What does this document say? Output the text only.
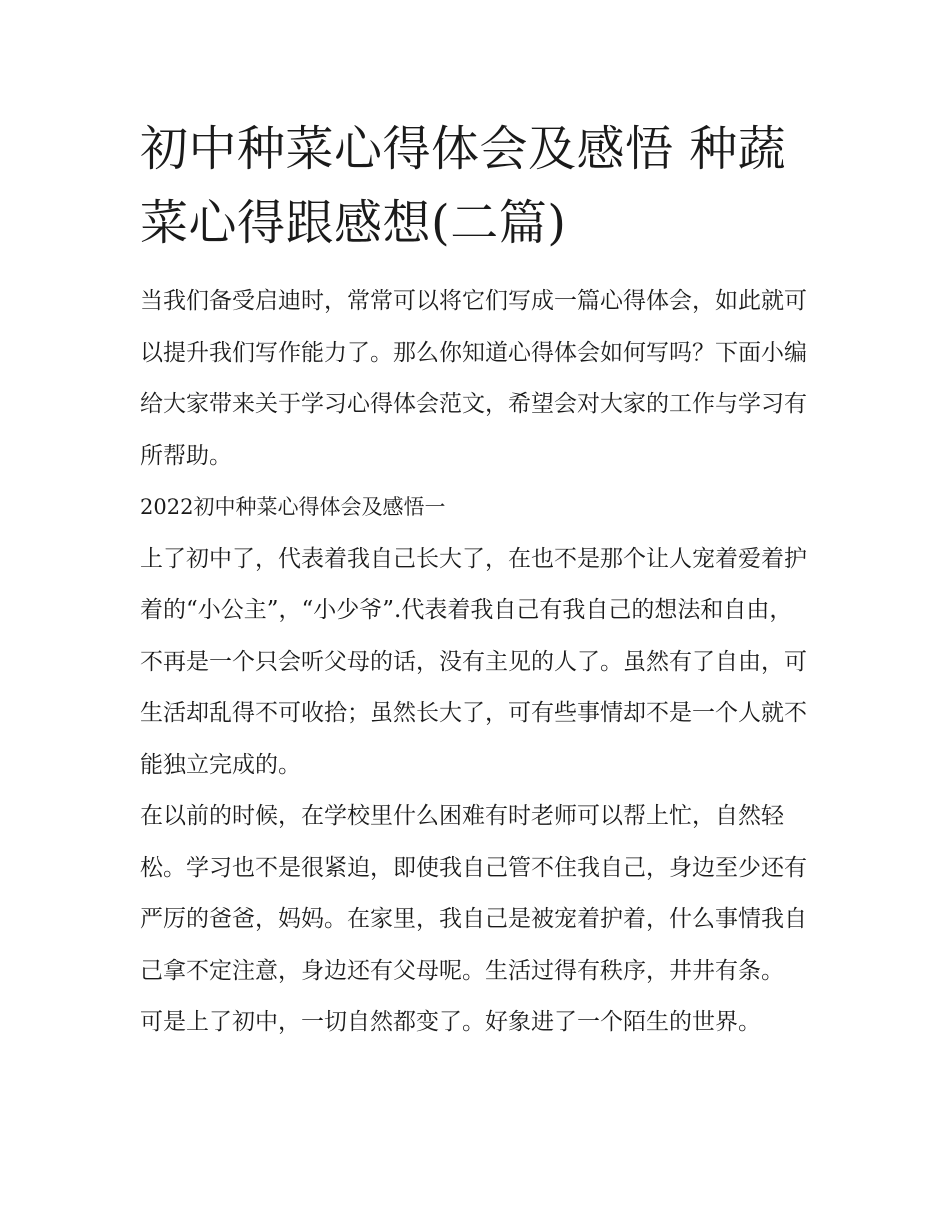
初中种菜心得体会及感悟 种蔬菜心得跟感想(二篇)

当我们备受启迪时，常常可以将它们写成一篇心得体会，如此就可以提升我们写作能力了。那么你知道心得体会如何写吗？下面小编给大家带来关于学习心得体会范文，希望会对大家的工作与学习有所帮助。

2022初中种菜心得体会及感悟一

上了初中了，代表着我自己长大了，在也不是那个让人宠着爱着护着的“小公主”，“小少爷”.代表着我自己有我自己的想法和自由，不再是一个只会听父母的话，没有主见的人了。虽然有了自由，可生活却乱得不可收拾；虽然长大了，可有些事情却不是一个人就不能独立完成的。

在以前的时候，在学校里什么困难有时老师可以帮上忙，自然轻松。学习也不是很紧迫，即使我自己管不住我自己，身边至少还有严厉的爸爸，妈妈。在家里，我自己是被宠着护着，什么事情我自己拿不定注意，身边还有父母呢。生活过得有秩序，井井有条。

可是上了初中，一切自然都变了。好象进了一个陌生的世界。
